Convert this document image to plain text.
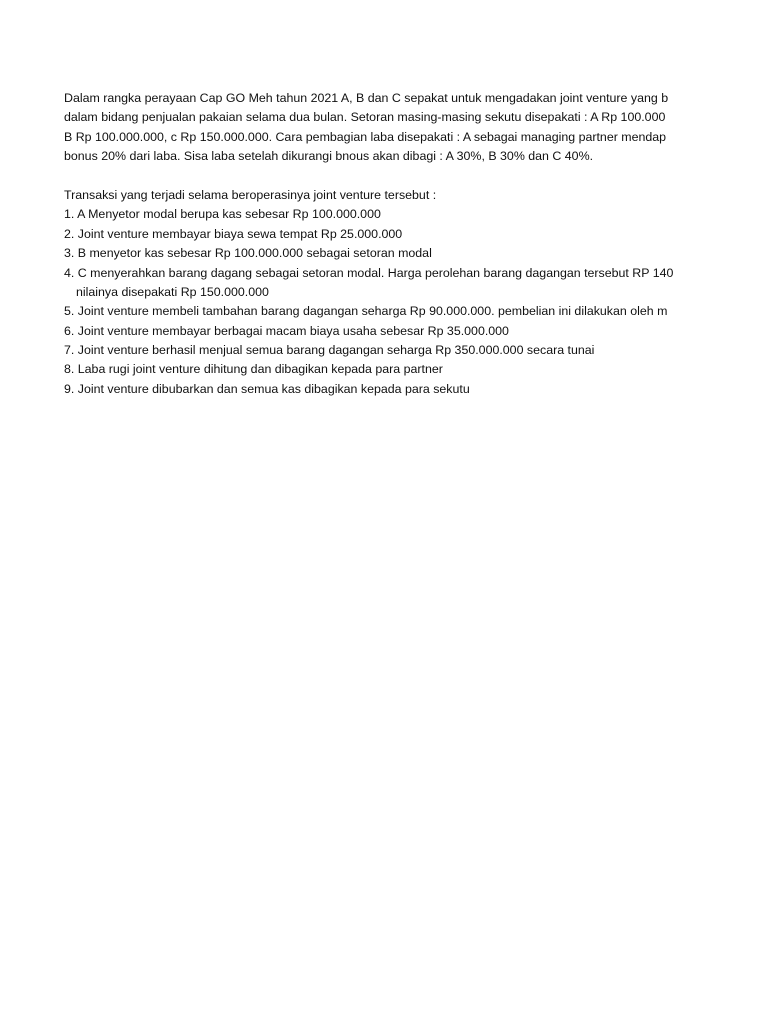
Dalam rangka perayaan Cap GO Meh tahun 2021 A, B dan C sepakat untuk mengadakan joint venture yang b
dalam bidang penjualan pakaian selama dua bulan. Setoran masing-masing sekutu disepakati : A Rp 100.000
B Rp 100.000.000, c Rp 150.000.000. Cara pembagian laba disepakati : A sebagai managing partner mendap
bonus 20% dari laba. Sisa laba setelah dikurangi bnous akan dibagi : A 30%, B 30% dan C 40%.
Transaksi yang terjadi selama beroperasinya joint venture tersebut :
1. A Menyetor modal berupa kas sebesar Rp 100.000.000
2. Joint venture membayar biaya sewa tempat Rp 25.000.000
3. B menyetor kas sebesar Rp 100.000.000 sebagai setoran modal
4. C menyerahkan barang dagang sebagai setoran modal. Harga perolehan barang dagangan tersebut RP 140
nilainya disepakati Rp 150.000.000
5. Joint venture membeli tambahan barang dagangan seharga Rp 90.000.000. pembelian ini dilakukan oleh m
6. Joint venture membayar berbagai macam biaya usaha sebesar Rp 35.000.000
7. Joint venture berhasil menjual semua barang dagangan seharga Rp 350.000.000 secara tunai
8. Laba rugi joint venture dihitung dan dibagikan kepada para partner
9. Joint venture dibubarkan dan semua kas dibagikan kepada para sekutu
